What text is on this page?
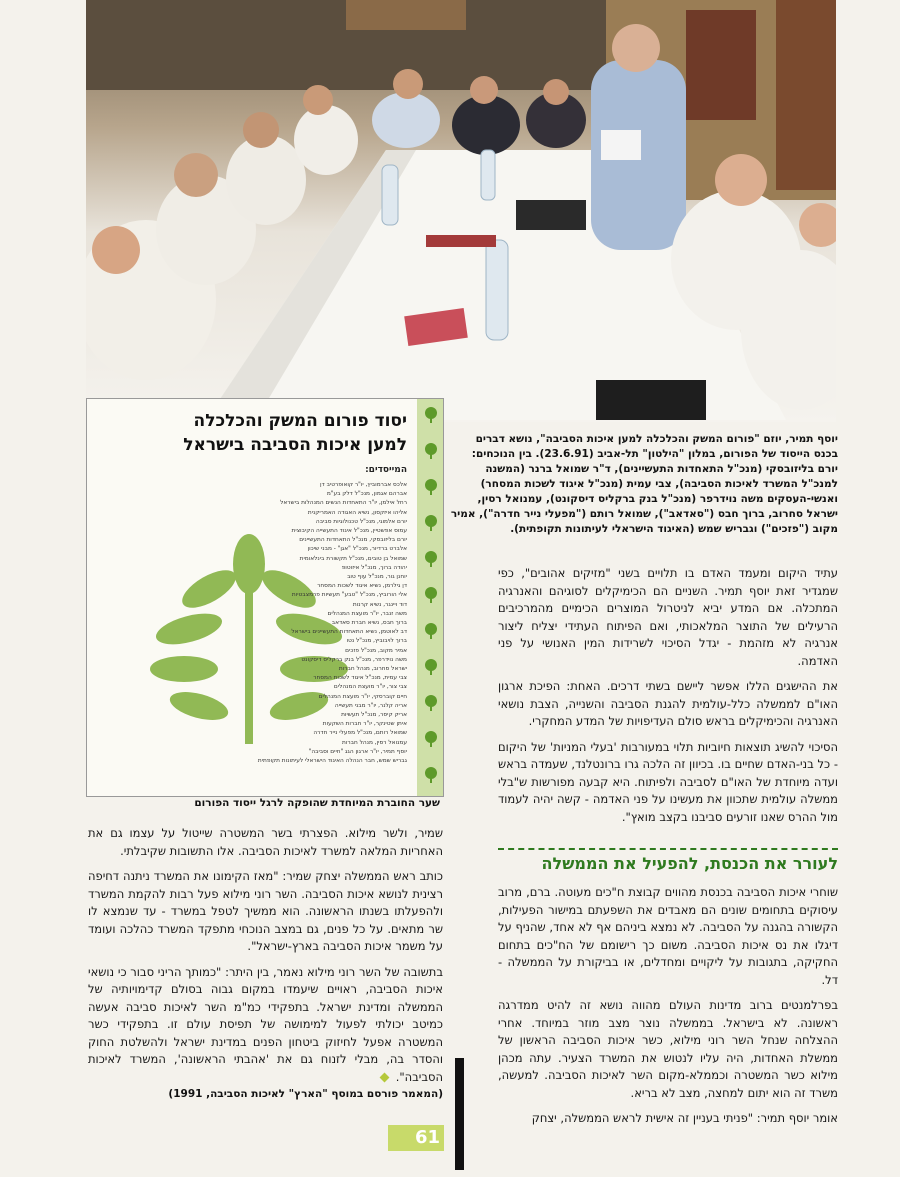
יוסף תמיר, יוזם "פורום המשק והכלכלה למען איכות הסביבה", נושא דברים בכנס הייסוד של הפורום, במלון "הילטון" תל-אביב (23.6.91). בין הנוכחים: יורם בליזובסקי (מנכ"ל התאחדות התעשיינים), ד"ר שמואל ברנר (המשנה למנכ"ל המשרד לאיכות הסביבה), צבי עמית (מנכ"ל איגוד לשכות המסחר) ואנשי-העסקים משה נוידרפר (מנכ"ל בנק ברקליס דיסקונט), עמנואל רסין, ישראל סחרוב, ברוך חבס ("סאדאב"), שמואל רותם ("מפעלי נייר חדרה"), אמיר מקוב ("פזכים") וגבריש שמש (האיגוד הישראלי לעיתונות תקופתית).
יסוד פורום המשק והכלכלה
למען איכות הסביבה בישראל
המייסדים:
אלכס אברמוביץ, יו"ר קואופרטיב דן
אברהם אגמון, מנכ"ל דלק בע"מ
רחל אילמן, יו"ר התאחדות הנשים המנהלות בישראל
אליהו איזקסון, נשיא האגודה האמריקנית
יורם אלמוגי, מנכ"ל טכנולוגיות סביבה
עמוס אפשטיין, מנכ"ל איגוד התעשייה הקיבוצית
יורם בליזובסקי, מנכ"ל התאחדות התעשיינים
אלברט ברדיור, מנכ"ל "אגן" - מבני שיכון
שמואל בן טובים, מנכ"ל תקשורת בינלאומית
יהודה ברוך, מנכ"ל איזוטופ
יוחנן גור, מנכ"ל עוף טוב
דן גילרמן, נשיא איגוד לשכות המסחר
אלי הורוביץ, מנכ"ל "טבע" תעשיות פרמצבטיות
דוד ויינגר, נשיא קרנות
משה זנבר, יו"ר מועצת המנהלים
ברוך חבס, נשיא חברת סאדאב
דב לאוטמן, נשיא התאחדות התעשיינים בישראל
ברוך לויבוביץ, מנכ"ל נטו
אמיר מקוב, מנכ"ל פזכים
משה נוידרפר, מנכ"ל בנק ברקליס דיסקונט
ישראל סחרוב, מנהל חברות
צבי עמית, מנכ"ל איגוד לשכות המסחר
צבי צור, יו"ר מועצת המנהלים
חיים קוברסקי, יו"ר מועצת המנהלים
אריה קלנר, יו"ר מבני תעשייה
אריק קיסר, מנכ"ל תעשיות
איתן שטינקר, יו"ר חברות השקעות
שמואל רותם, מנכ"ל מפעלי נייר חדרה
עמנואל רסין, מנהל חברות
יוסף תמיר, יו"ר ארגון הגג "חיים וסביבה"
גבריש שמש, חבר הנהלה האיגוד הישראלי לעיתונות תקופתית
שער החוברת המיוחדת שהופקה לרגל ייסוד הפורום

עתיד היקום ומעמד האדם בו תלויים בשני "מזיקים אהובים", כפי שמגדיר זאת יוסף תמיר. השניים הם הכימיקלים לסוגיהם והאנרגיה המתכלה. אם המדע יביא לניטרול המוצרים הכימיים מהמרכיבים הרעילים של התוצר המלאכותי, ואם הפיתוח העתידי יצליח ליצור אנרגיה לא מזהמת - יגדל הסיכוי לשרידות המין האנושי על פני האדמה.

את ההישגים הללו אפשר ליישם בשתי דרכים. האחת: הפיכת ארגון האו"ם לממשלה כלל-עולמית להגנת הסביבה והשנייה, הצבת נושאי האנרגיה והכימיקלים בראש סולם העדיפויות של המדע המחקרי.

הסיכוי להשיג תוצאות חיוביות תלוי במעורבות 'בעלי המניות' של היקום - כל בני-האדם שחיים בו. בכיוון זה הלכה גרו ברונטלנד, שעמדה בראש ועדה מיוחדת של האו"ם לסביבה ולפיתוח. היא קבעה מפורשות ש"בלי ממשלה עולמית שתכוון את מעשינו על פני האדמה - קשה יהיה לעמוד מול ההרס שאנו זורעים סביבנו בקצב מואץ".

לעורר את הכנסת, להפעיל את הממשלה

שוחרי איכות הסביבה בכנסת מהווים קבוצת ח"כים מעוטה. ברם, מרוב עיסוקים בתחומים שונים הם מאבדים את השפעתם במישור הפעילות, הקשורה בהגנה על הסביבה. לא נמצא ביניהם אף לא אחד, שהניף על דיגלו את נס איכות הסביבה. משום כך רישומם של הח"כים בתחום החקיקה, בתגובות על ליקויים ומחדלים, או בביקורת על הממשלה - דל.

בפרלמנטים ברוב מדינות העולם מהווה נושא זה להיט ממדרגה ראשונה. לא בישראל. בממשלה נוצר מצב מוזר במיוחד. אחרי ההצלחה שנחל השר רוני מילוא, כשר איכות הסביבה הראשון של ממשלת האחדות, היה עליו לנטוש את המשרד הצעיר. עתה מכהן מילוא כשר המשטרה וכממלא-מקום השר לאיכות הסביבה. למעשה, משרד זה הוא יתום למחצה, מצב לא בריא.

אומר יוסף תמיר: "פניתי בעניין זה אישית לראש הממשלה, יצחק

שמיר, ולשר מילוא. הפצרתי בשר המשטרה שייטול על עצמו גם את האחריות המלאה למשרד לאיכות הסביבה. אלו התשובות שקיבלתי.

כותב ראש הממשלה יצחק שמיר: "מאז הקימונו את המשרד ניתנה דחיפה רצינית לנושא איכות הסביבה. השר רוני מילוא פעל רבות להקמת המשרד ולהפעלתו בשנתו הראשונה. הוא ממשיך לטפל במשרד - עד שנמצא לו שר מתאים. על כל פנים, גם במצב הנוכחי מתפקד המשרד כהלכה ועומד על משמר איכות הסביבה בארץ-ישראל".

בתשובה של השר רוני מילוא נאמר, בין היתר: "כמותך הריני סבור כי נושאי איכות הסביבה, ראויים שיעמדו במקום גבוה בסולם קדימויותיה של הממשלה ומדינת ישראל. בתפקידי כמ"מ השר לאיכות סביבה אעשה כמיטב יכולתי לפעול למימושה של תפיסת עולם זו. בתפקידי כשר המשטרה אפעל לחיזוק ביטחון הפנים במדינת ישראל ולהשלטת החוק והסדר בה, מבלי לזנוח גם את 'אהבתי הראשונה', המשרד לאיכות הסביבה".

(המאמר פורסם במוסף "הארץ" לאיכות הסביבה, 1991)
61
